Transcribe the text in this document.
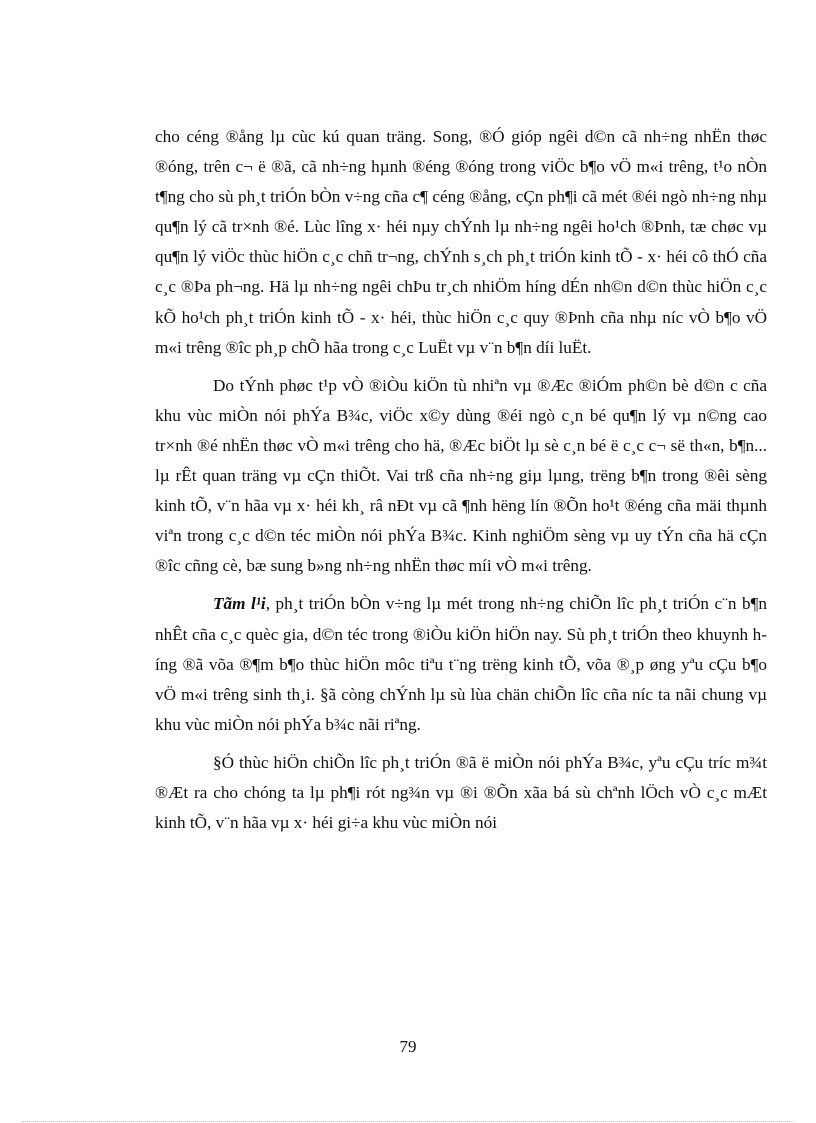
cho céng ®ång lµ cùc kú quan träng. Song, ®Ó gióp ngêi d©n cã nh÷ng nhËn thøc ®óng, trên c¬ ë ®ã, cã nh÷ng hµnh ®éng ®óng trong viÖc b¶o vÖ m«i trêng, t¹o nÒn t¶ng cho sù ph¸t triÓn bÒn v÷ng cña c¶ céng ®ång, cÇn ph¶i cã mét ®éi ngò nh÷ng nhµ qu¶n lý cã tr×nh ®é. Lùc lîng x· héi nµy chÝnh lµ nh÷ng ngêi ho¹ch ®Þnh, tæ chøc vµ qu¶n lý viÖc thùc hiÖn c¸c chñ tr¬ng, chÝnh s¸ch ph¸t triÓn kinh tÕ - x· héi cô thÓ cña c¸c ®Þa ph¬ng. Hä lµ nh÷ng ngêi chÞu tr¸ch nhiÖm híng dÉn nh©n d©n thùc hiÖn c¸c kÕ ho¹ch ph¸t triÓn kinh tÕ - x· héi, thùc hiÖn c¸c quy ®Þnh cña nhµ níc vÒ b¶o vÖ m«i trêng ®îc ph¸p chÕ hãa trong c¸c LuËt vµ v¨n b¶n díi luËt.

Do tÝnh phøc t¹p vÒ ®iÒu kiÖn tù nhiªn vµ ®Æc ®iÓm ph©n bè d©n c cña khu vùc miÒn nói phÝa B¾c, viÖc x©y dùng ®éi ngò c¸n bé qu¶n lý vµ n©ng cao tr×nh ®é nhËn thøc vÒ m«i trêng cho hä, ®Æc biÖt lµ sè c¸n bé ë c¸c c¬ së th«n, b¶n... lµ rÊt quan träng vµ cÇn thiÕt. Vai trß cña nh÷ng giµ lµng, trëng b¶n trong ®êi sèng kinh tÕ, v¨n hãa vµ x· héi kh¸ râ nÐt vµ cã ¶nh hëng lín ®Õn ho¹t ®éng cña mäi thµnh viªn trong c¸c d©n téc miÒn nói phÝa B¾c. Kinh nghiÖm sèng vµ uy tÝn cña hä cÇn ®îc cñng cè, bæ sung b»ng nh÷ng nhËn thøc míi vÒ m«i trêng.

Tãm l¹i, ph¸t triÓn bÒn v÷ng lµ mét trong nh÷ng chiÕn lîc ph¸t triÓn c¨n b¶n nhÊt cña c¸c quèc gia, d©n téc trong ®iÒu kiÖn hiÖn nay. Sù ph¸t triÓn theo khuynh híng ®ã võa ®¶m b¶o thùc hiÖn môc tiªu t¨ng trëng kinh tÕ, võa ®¸p øng yªu cÇu b¶o vÖ m«i trêng sinh th¸i. §ã còng chÝnh lµ sù lùa chän chiÕn lîc cña níc ta nãi chung vµ khu vùc miÒn nói phÝa b¾c nãi riªng.

§Ó thùc hiÖn chiÕn lîc ph¸t triÓn ®ã ë miÒn nói phÝa B¾c, yªu cÇu tríc m¾t ®Æt ra cho chóng ta lµ ph¶i rót ng¾n vµ ®i ®Õn xãa bá sù chªnh lÖch vÒ c¸c mÆt kinh tÕ, v¨n hãa vµ x· héi gi÷a khu vùc miÒn nói

79
